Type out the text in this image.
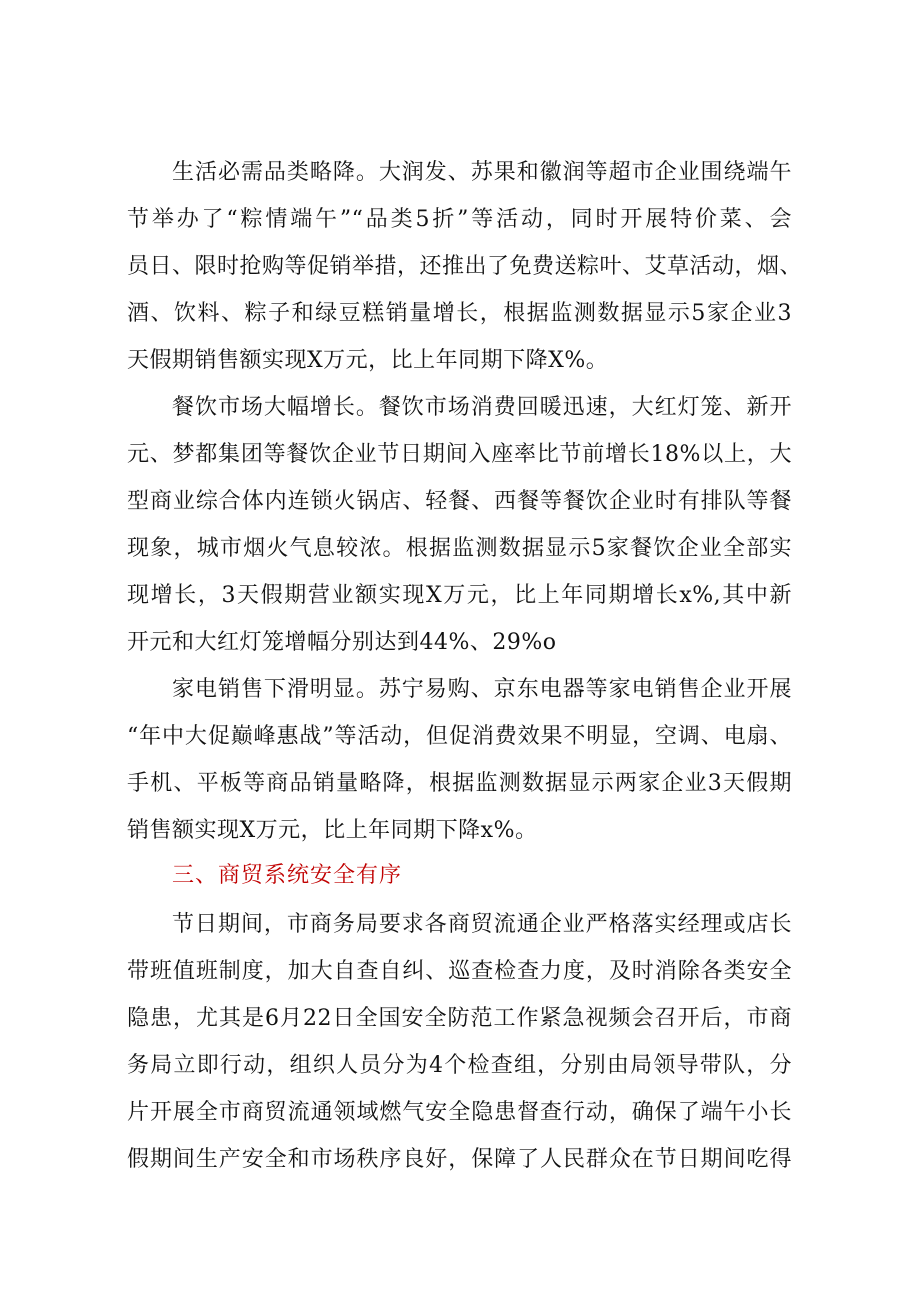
生活必需品类略降。大润发、苏果和徽润等超市企业围绕端午
节举办了“粽情端午”“品类5折”等活动，同时开展特价菜、会
员日、限时抢购等促销举措，还推出了免费送粽叶、艾草活动，烟、
酒、饮料、粽子和绿豆糕销量增长，根据监测数据显示5家企业3
天假期销售额实现X万元，比上年同期下降X%。
餐饮市场大幅增长。餐饮市场消费回暖迅速，大红灯笼、新开
元、梦都集团等餐饮企业节日期间入座率比节前增长18%以上，大
型商业综合体内连锁火锅店、轻餐、西餐等餐饮企业时有排队等餐
现象，城市烟火气息较浓。根据监测数据显示5家餐饮企业全部实
现增长，3天假期营业额实现X万元，比上年同期增长x%,其中新
开元和大红灯笼增幅分别达到44%、29%o
家电销售下滑明显。苏宁易购、京东电器等家电销售企业开展
“年中大促巅峰惠战”等活动，但促消费效果不明显，空调、电扇、
手机、平板等商品销量略降，根据监测数据显示两家企业3天假期
销售额实现X万元，比上年同期下降x%。
三、商贸系统安全有序
节日期间，市商务局要求各商贸流通企业严格落实经理或店长
带班值班制度，加大自查自纠、巡查检查力度，及时消除各类安全
隐患，尤其是6月22日全国安全防范工作紧急视频会召开后，市商
务局立即行动，组织人员分为4个检查组，分别由局领导带队，分
片开展全市商贸流通领域燃气安全隐患督查行动，确保了端午小长
假期间生产安全和市场秩序良好，保障了人民群众在节日期间吃得
